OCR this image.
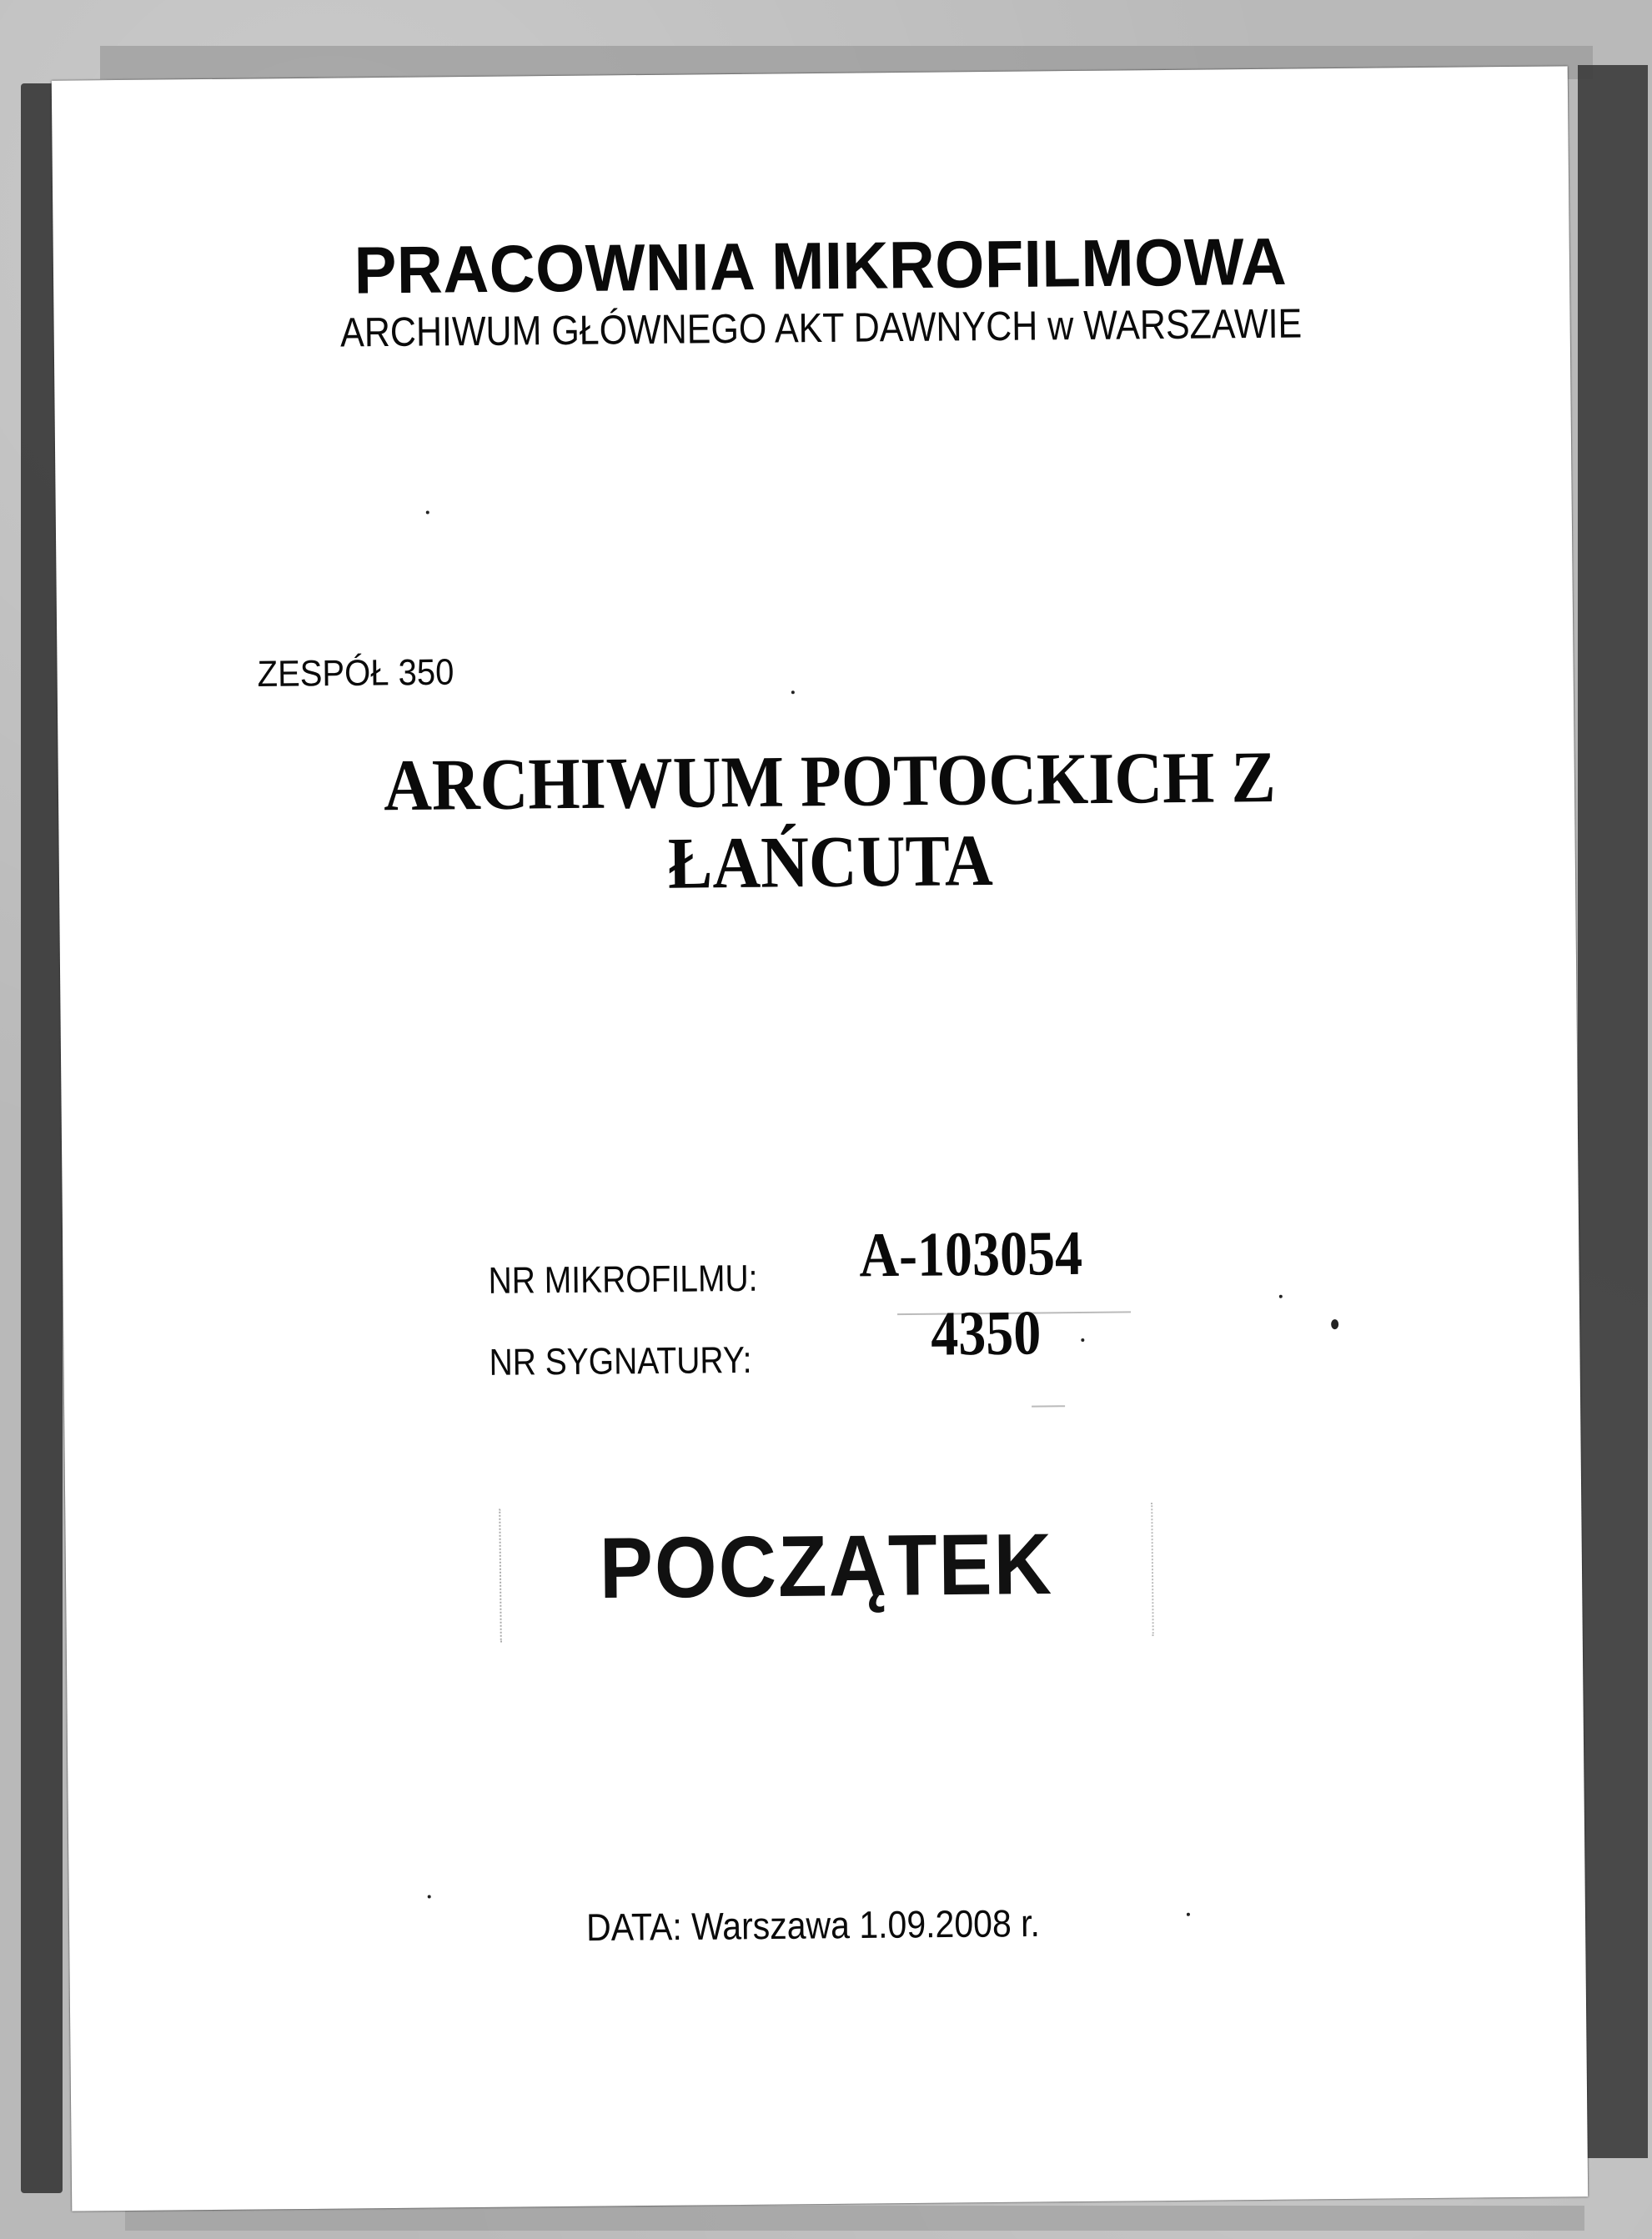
PRACOWNIA MIKROFILMOWA
ARCHIWUM GŁÓWNEGO AKT DAWNYCH w WARSZAWIE
ZESPÓŁ 350
ARCHIWUM POTOCKICH Z
ŁAŃCUTA
NR MIKROFILMU: A-103054
NR SYGNATURY:	4350
POCZĄTEK
DATA: Warszawa 1.09.2008 r.
